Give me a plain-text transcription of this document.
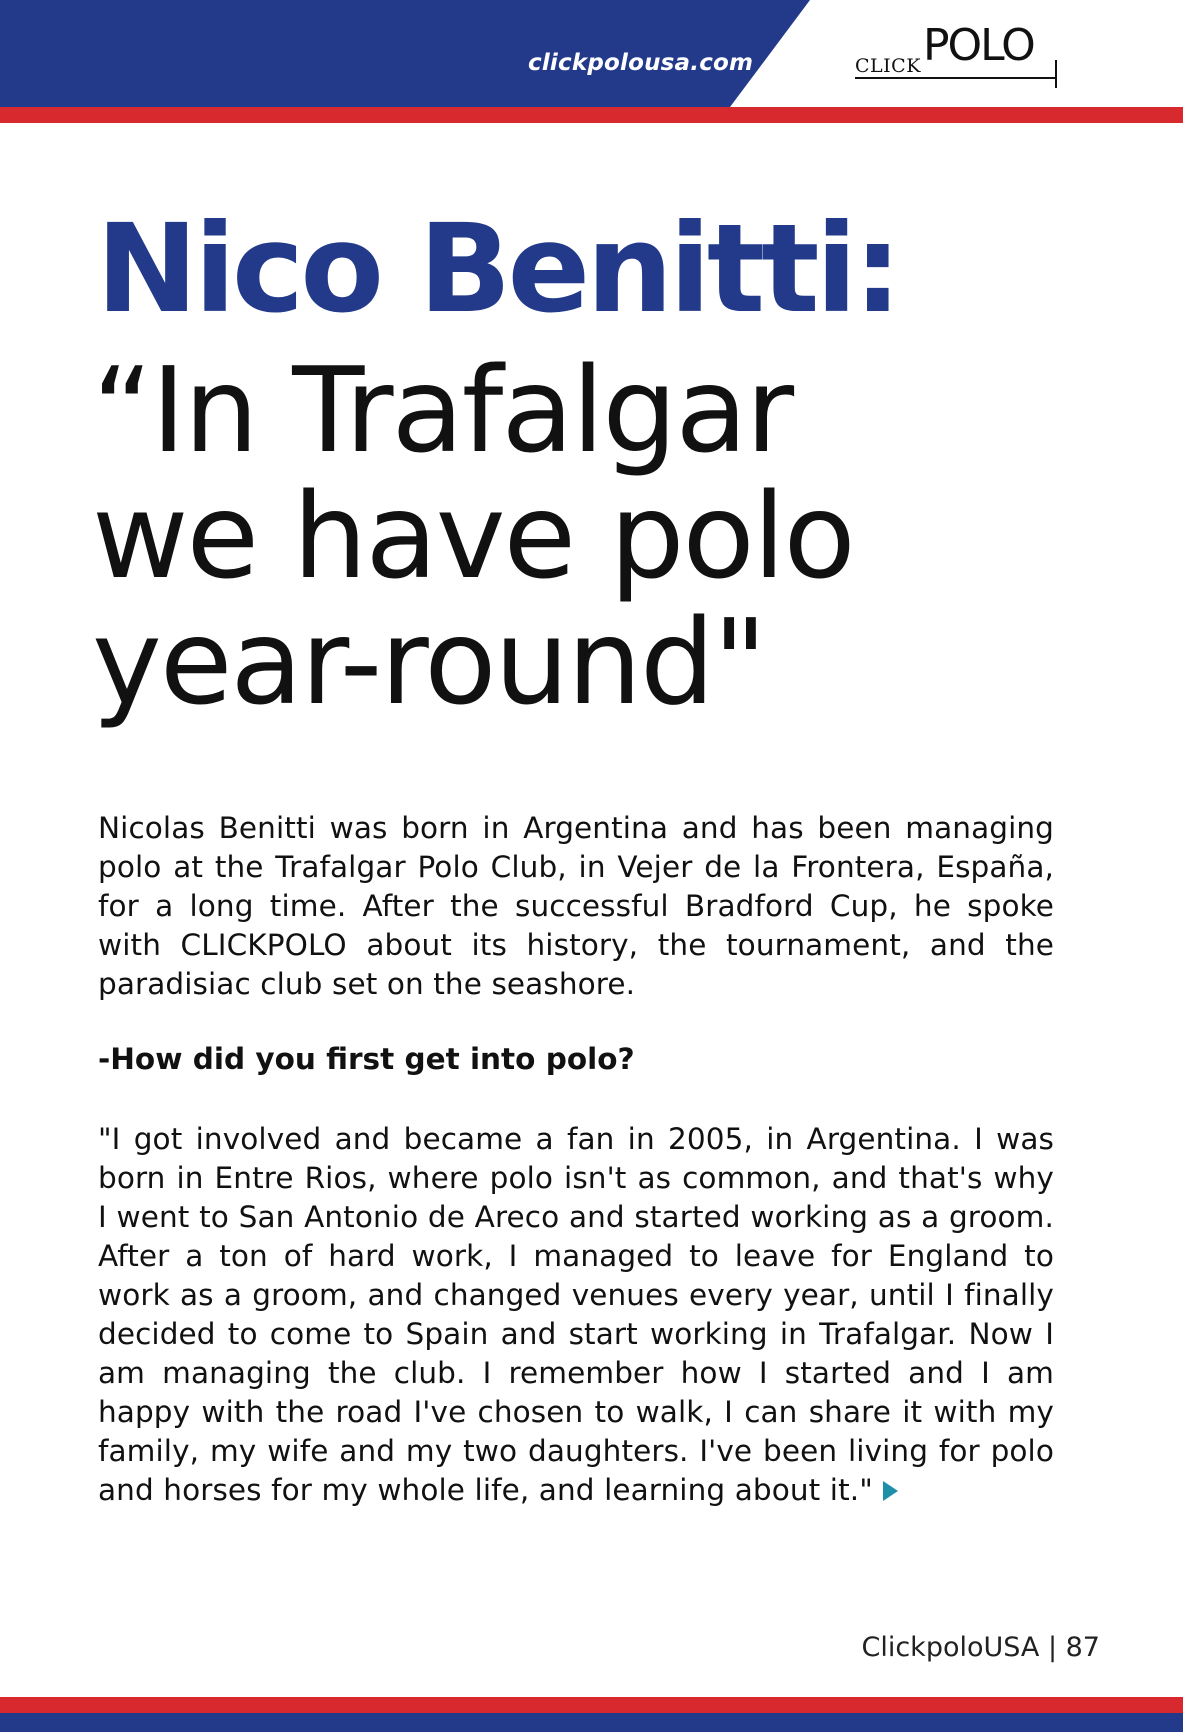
clickpolousa.com	CLICK POLO
Nico Benitti:
“In Trafalgar
we have polo
year-round"

Nicolas Benitti was born in Argentina and has been managing polo at the Trafalgar Polo Club, in Vejer de la Frontera, España, for a long time. After the successful Bradford Cup, he spoke with CLICKPOLO about its history, the tournament, and the paradisiac club set on the seashore.

-How did you first get into polo?

"I got involved and became a fan in 2005, in Argentina. I was born in Entre Rios, where polo isn't as common, and that's why I went to San Antonio de Areco and started working as a groom. After a ton of hard work, I managed to leave for England to work as a groom, and changed venues every year, until I finally decided to come to Spain and start working in Trafalgar. Now I am managing the club. I remember how I started and I am happy with the road I've chosen to walk, I can share it with my family, my wife and my two daughters. I've been living for polo and horses for my whole life, and learning about it."

ClickpoloUSA | 87
